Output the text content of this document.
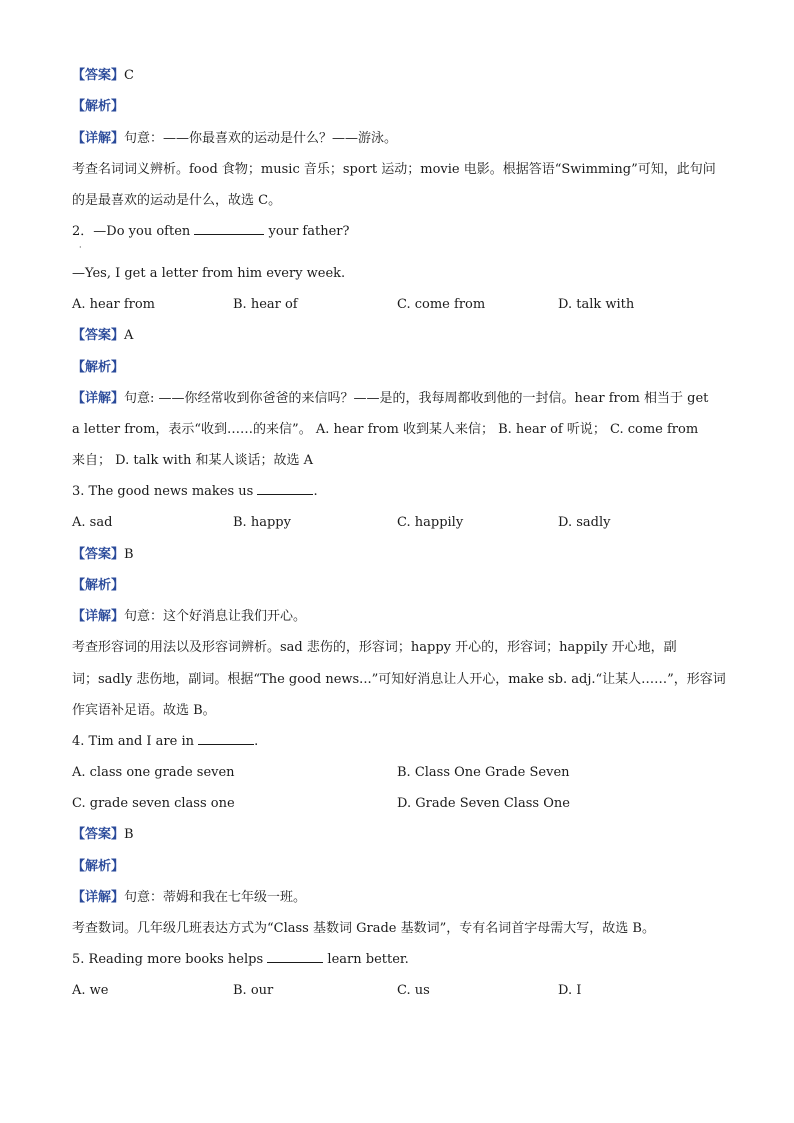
【答案】C
【解析】
【详解】句意：——你最喜欢的运动是什么？——游泳。
考查名词词义辨析。food 食物；music 音乐；sport 运动；movie 电影。根据答语“Swimming”可知，此句问
的是最喜欢的运动是什么，故选 C。
2．—Do you often	your father?
·
—Yes, I get a letter from him every week.
A. hear from	B. hear of	C. come from	D. talk with
【答案】A
【解析】
【详解】句意: ——你经常收到你爸爸的来信吗？——是的，我每周都收到他的一封信。hear from 相当于 get
a letter from，表示“收到……的来信”。 A. hear from 收到某人来信； B. hear of 听说； C. come from
来自； D. talk with 和某人谈话；故选 A
3. The good news makes us	.
A. sad	B. happy	C. happily	D. sadly
【答案】B
【解析】
【详解】句意：这个好消息让我们开心。
考查形容词的用法以及形容词辨析。sad 悲伤的，形容词；happy 开心的，形容词；happily 开心地，副
词；sadly 悲伤地，副词。根据“The good news...”可知好消息让人开心，make sb. adj.“让某人……”，形容词
作宾语补足语。故选 B。
4. Tim and I are in	.
A. class one grade seven	B. Class One Grade Seven
C. grade seven class one	D. Grade Seven Class One
【答案】B
【解析】
【详解】句意：蒂姆和我在七年级一班。
考查数词。几年级几班表达方式为“Class 基数词 Grade 基数词”，专有名词首字母需大写，故选 B。
5. Reading more books helps	learn better.
A. we	B. our	C. us	D. I
